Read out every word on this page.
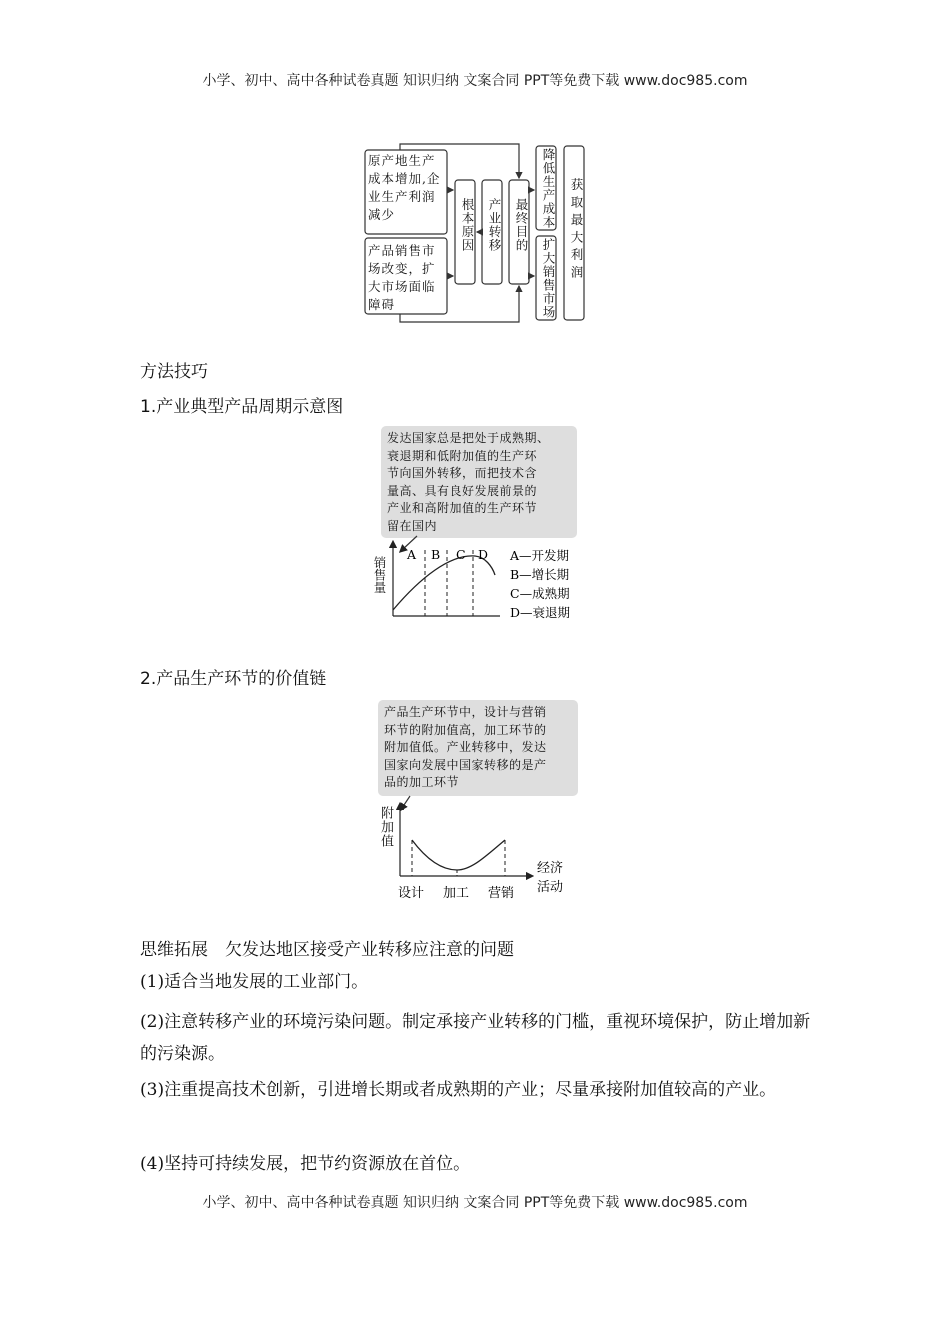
小学、初中、高中各种试卷真题 知识归纳 文案合同 PPT等免费下载 www.doc985.com
原产地生产成本增加,企业生产利润减少
产品销售市场改变，扩大市场面临障碍
根本原因 产业转移 最终目的 降低生产成本
扩大销售市场 获取最大利润
方法技巧
1.产业典型产品周期示意图
发达国家总是把处于成熟期、
衰退期和低附加值的生产环
节向国外转移，而把技术含
量高、具有良好发展前景的
产业和高附加值的生产环节
留在国内
A B C D A—开发期
B—增长期
C—成熟期
D—衰退期
销售量
2.产品生产环节的价值链
产品生产环节中，设计与营销
环节的附加值高，加工环节的
附加值低。产业转移中，发达
国家向发展中国家转移的是产
品的加工环节
设计 加工 营销
经济
活动
附加值
思维拓展　欠发达地区接受产业转移应注意的问题
(1)适合当地发展的工业部门。
(2)注意转移产业的环境污染问题。制定承接产业转移的门槛，重视环境保护，防止增加新的污染源。
(3)注重提高技术创新，引进增长期或者成熟期的产业；尽量承接附加值较高的产业。
(4)坚持可持续发展，把节约资源放在首位。
小学、初中、高中各种试卷真题 知识归纳 文案合同 PPT等免费下载 www.doc985.com
